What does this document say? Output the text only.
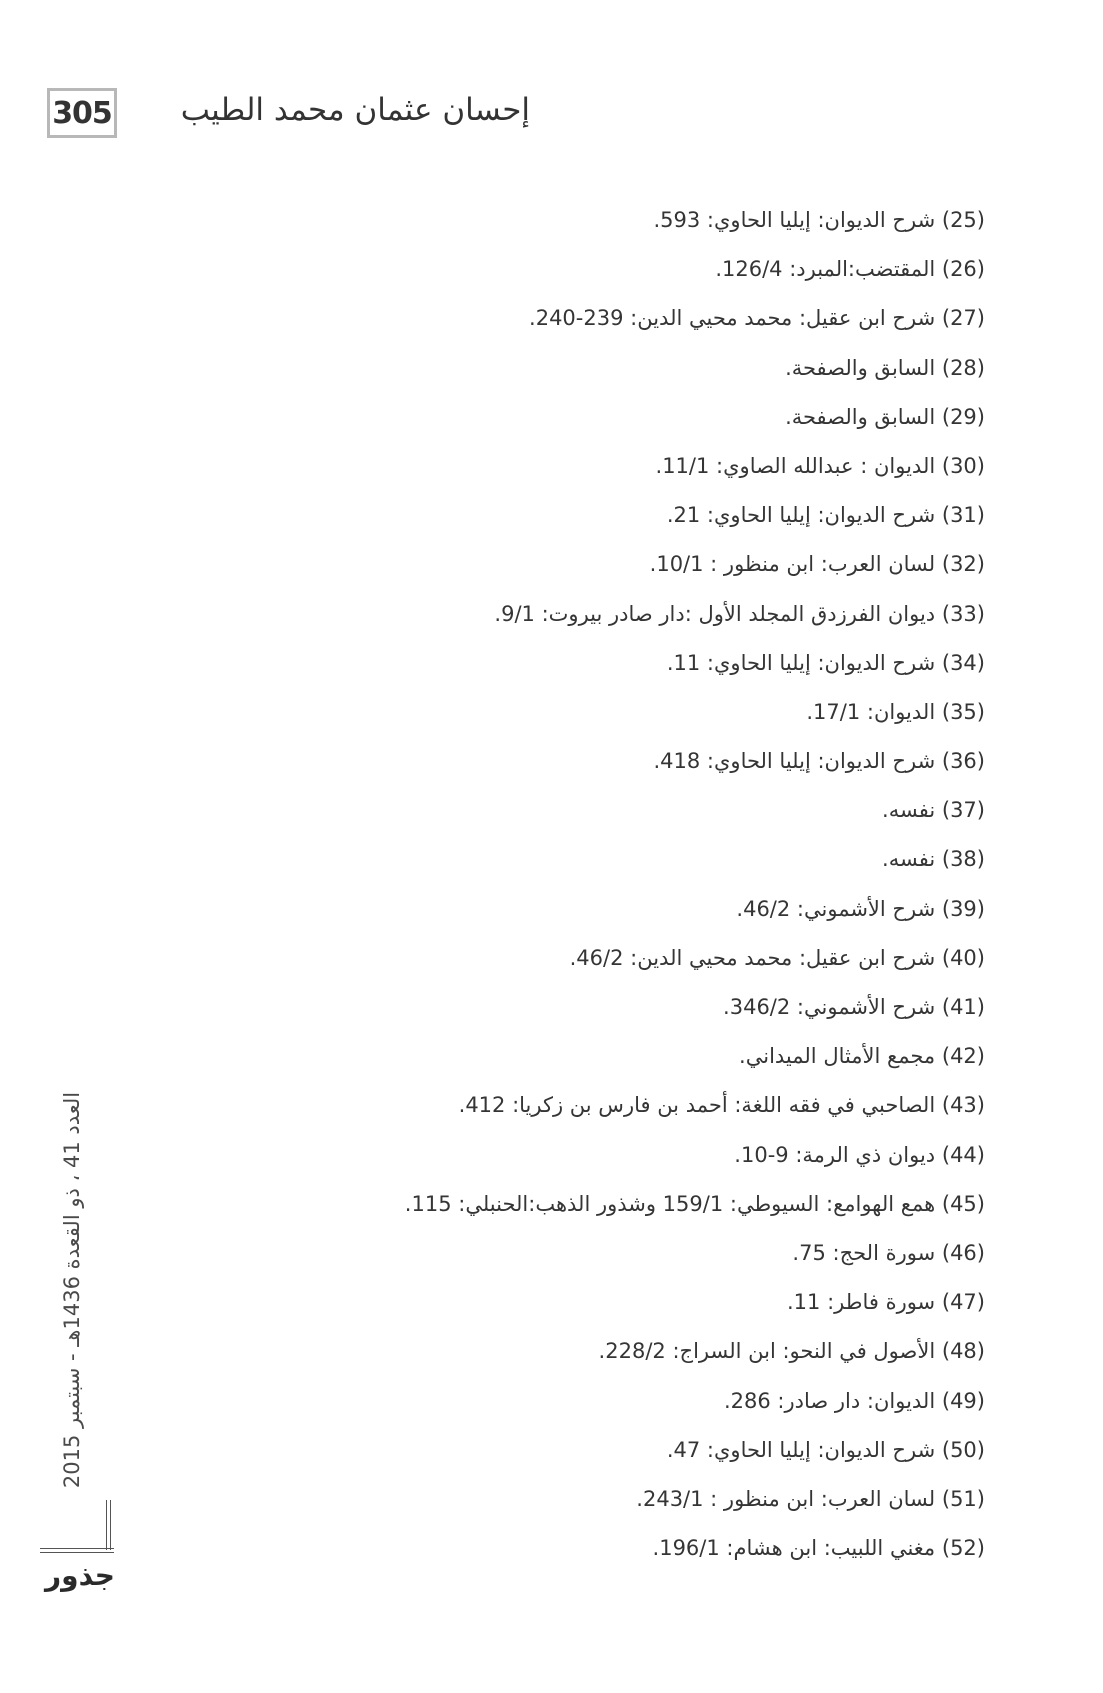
305	إحسان عثمان محمد الطيب
(25) شرح الديوان: إيليا الحاوي: 593.
(26) المقتضب:المبرد: 126/4.
(27) شرح ابن عقيل: محمد محيي الدين: 239-240.
(28) السابق والصفحة.
(29) السابق والصفحة.
(30) الديوان : عبدالله الصاوي: 11/1.
(31) شرح الديوان: إيليا الحاوي: 21.
(32) لسان العرب: ابن منظور : 10/1.
(33) ديوان الفرزدق المجلد الأول :دار صادر بيروت: 9/1.
(34) شرح الديوان: إيليا الحاوي: 11.
(35) الديوان: 17/1.
(36) شرح الديوان: إيليا الحاوي: 418.
(37) نفسه.
(38) نفسه.
(39) شرح الأشموني: 46/2.
(40) شرح ابن عقيل: محمد محيي الدين: 46/2.
(41) شرح الأشموني: 346/2.
(42) مجمع الأمثال الميداني.
(43) الصاحبي في فقه اللغة: أحمد بن فارس بن زكريا: 412.
(44) ديوان ذي الرمة: 9-10.
(45) همع الهوامع: السيوطي: 159/1 وشذور الذهب:الحنبلي: 115.
(46) سورة الحج: 75.
(47) سورة فاطر: 11.
(48) الأصول في النحو: ابن السراج: 228/2.
(49) الديوان: دار صادر: 286.
(50) شرح الديوان: إيليا الحاوي: 47.
(51) لسان العرب: ابن منظور : 243/1.
(52) مغني اللبيب: ابن هشام: 196/1.
العدد 41 ، ذو القعدة 1436هـ - سبتمبر 2015
جذور
